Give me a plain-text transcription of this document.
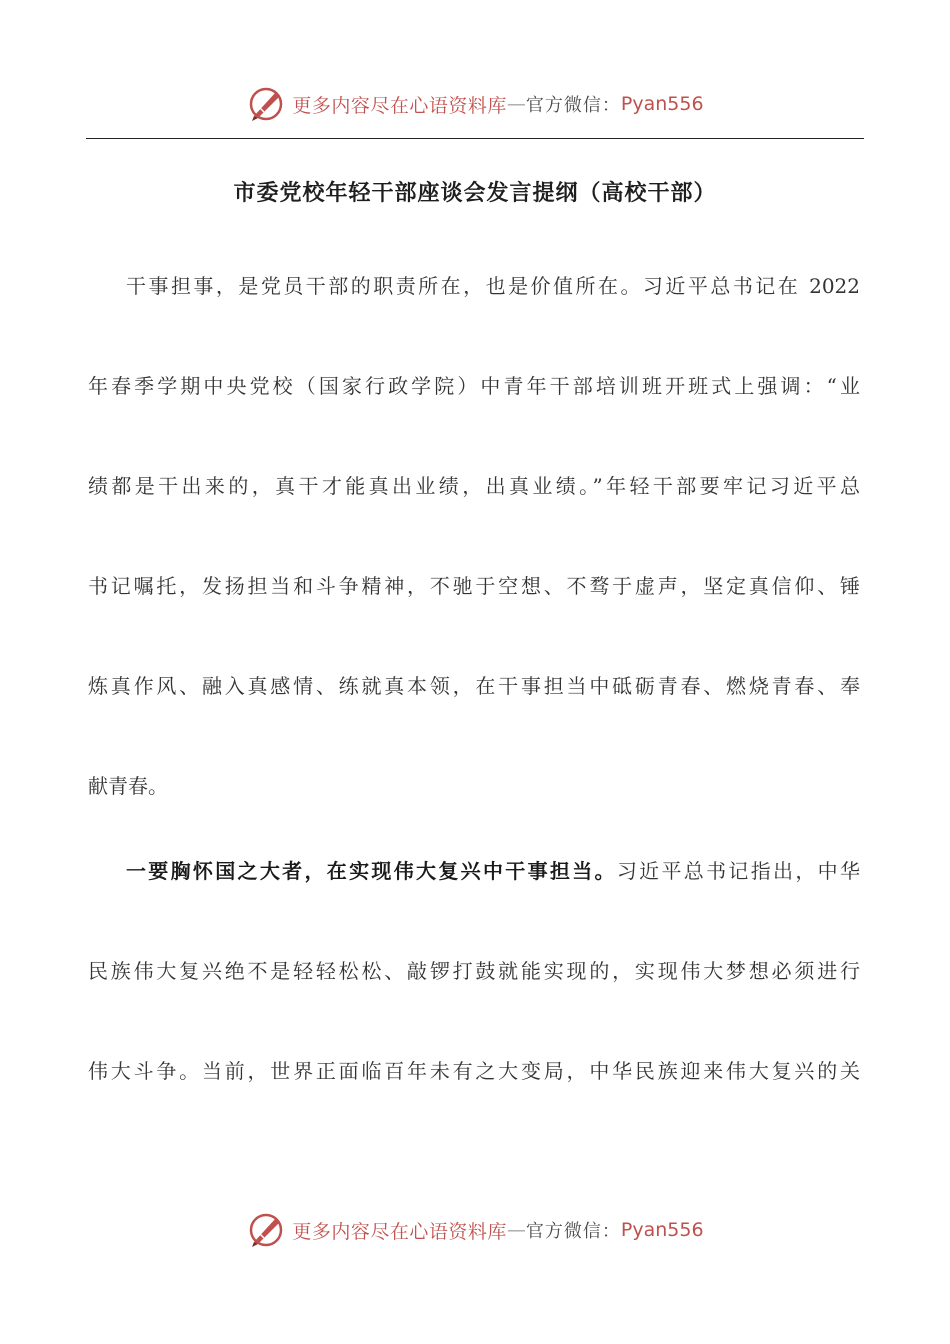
更多内容尽在心语资料库 — 官方微信： Pyan556
市委党校年轻干部座谈会发言提纲（高校干部）
干事担事，是党员干部的职责所在，也是价值所在。习近平总书记在 2022
年春季学期中央党校（国家行政学院）中青年干部培训班开班式上强调：“业
绩都是干出来的，真干才能真出业绩，出真业绩。”年轻干部要牢记习近平总
书记嘱托，发扬担当和斗争精神，不驰于空想、不骛于虚声，坚定真信仰、锤
炼真作风、融入真感情、练就真本领，在干事担当中砥砺青春、燃烧青春、奉
献青春。
一要胸怀国之大者，在实现伟大复兴中干事担当。习近平总书记指出，中华
民族伟大复兴绝不是轻轻松松、敲锣打鼓就能实现的，实现伟大梦想必须进行
伟大斗争。当前，世界正面临百年未有之大变局，中华民族迎来伟大复兴的关
更多内容尽在心语资料库 — 官方微信： Pyan556
